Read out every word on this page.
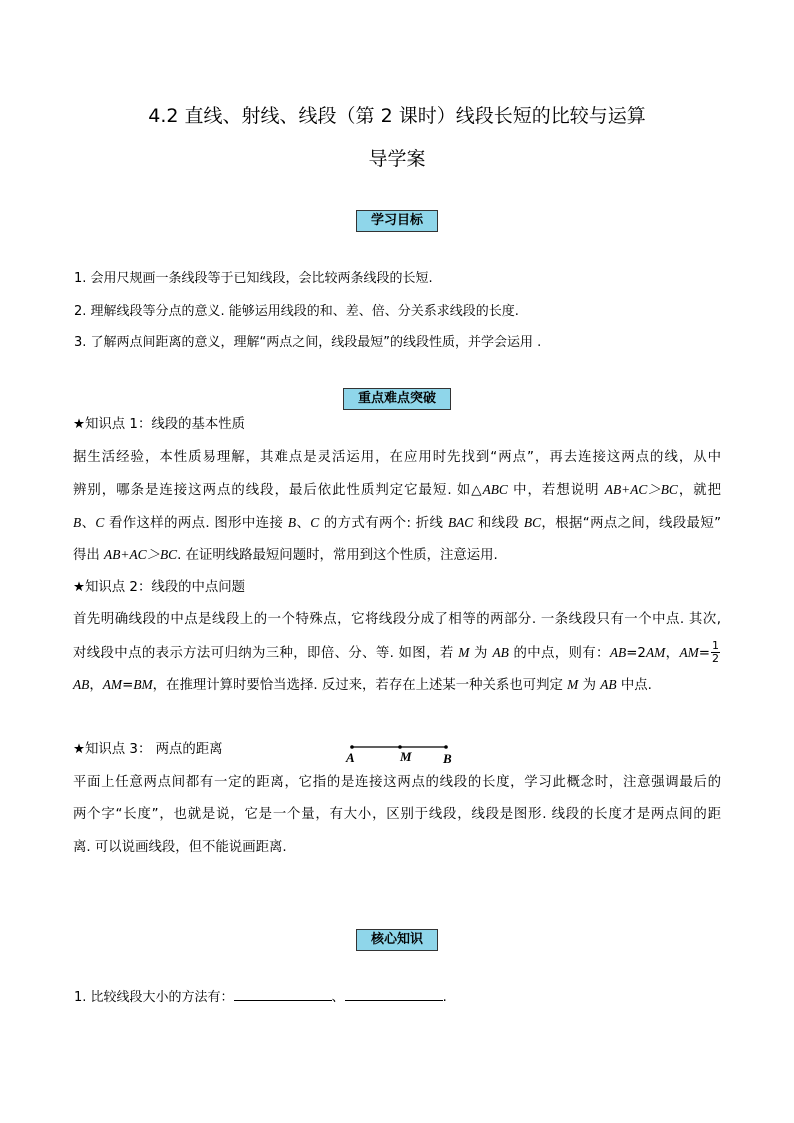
4.2 直线、射线、线段（第 2 课时）线段长短的比较与运算
导学案
学习目标
1. 会用尺规画一条线段等于已知线段，会比较两条线段的长短.
2. 理解线段等分点的意义. 能够运用线段的和、差、倍、分关系求线段的长度.
3. 了解两点间距离的意义，理解“两点之间，线段最短”的线段性质，并学会运用 .
重点难点突破
★知识点 1：线段的基本性质
据生活经验，本性质易理解，其难点是灵活运用，在应用时先找到“两点”，再去连接这两点的线，从中
辨别，哪条是连接这两点的线段，最后依此性质判定它最短. 如△ABC 中，若想说明 AB+AC＞BC，就把
B、C 看作这样的两点. 图形中连接 B、C 的方式有两个: 折线 BAC 和线段 BC，根据“两点之间，线段最短”
得出 AB+AC＞BC. 在证明线路最短问题时，常用到这个性质，注意运用.
★知识点 2：线段的中点问题
首先明确线段的中点是线段上的一个特殊点，它将线段分成了相等的两部分. 一条线段只有一个中点. 其次,
对线段中点的表示方法可归纳为三种，即倍、分、等. 如图，若 M 为 AB 的中点，则有：AB=2AM，$AM= \frac{1}{2}$
AB，AM=BM，在推理计算时要恰当选择. 反过来，若存在上述某一种关系也可判定 M 为 AB 中点.
★知识点 3： 两点的距离
平面上任意两点间都有一定的距离，它指的是连接这两点的线段的长度，学习此概念时，注意强调最后的
两个字“长度”，也就是说，它是一个量，有大小，区别于线段，线段是图形. 线段的长度才是两点间的距
离. 可以说画线段，但不能说画距离.
A	M B
核心知识
1. 比较线段大小的方法有：	、	.
